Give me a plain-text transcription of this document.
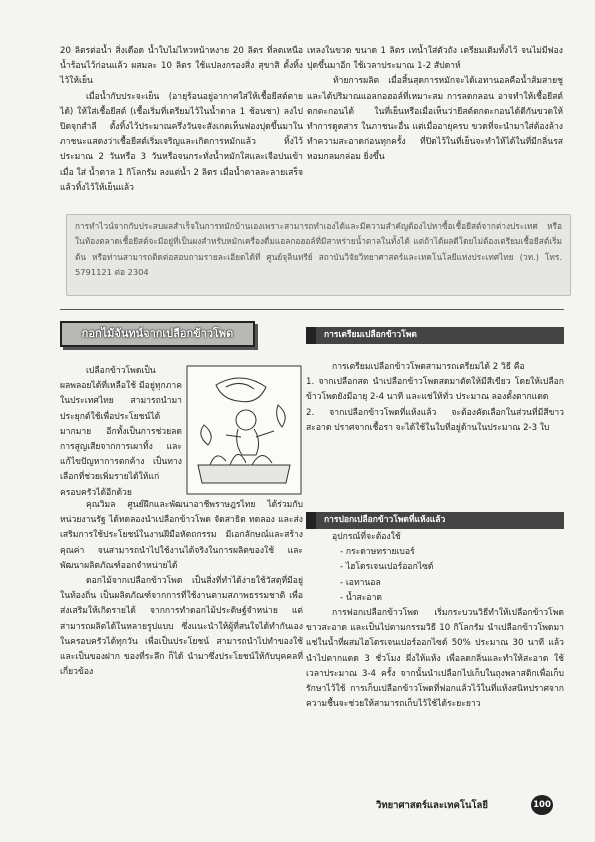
20 ลิตรต่อน้ำ สิ่งเดือด น้ำใบไม่ไหวหน้าหงาย 20 ลิตร ที่ลดเหนือน้ำร้อนไว้ก่อนแล้ว ผสมละ 10 ลิตร ใช้แปลงกรองสิ่ง สุขาสิ ตั้งทิ้งไว้ให้เย็น

เมื่อน้ำกับประจะเย็น (อายุร้อนอยู่อากาศใส่ให้เชื้อยีสต์ตายได้) ให้ใส่เชื้อยีสต์ (เชื้อเริ่มที่เตรียมไว้ในน้ำตาล 1 ช้อนชา) ลงไป ปิดจุกสำลี ตั้งทิ้งไว้ประมาณครึ่งวันจะสังเกตเห็นฟองปุดขึ้นมาในภาชนะแสดงว่าเชื้อยีสต์เริ่มเจริญและเกิดการหมักแล้ว ทิ้งไว้ประมาณ 2 วันหรือ 3 วันหรือจนกระทั่งน้ำหมักใสและเจือปนเข้าเมื่อ ใส่ น้ำตาล 1 กิโลกรัม ลงแต่น้ำ 2 ลิตร เมื่อน้ำตาลละลายเสร็จแล้วทิ้งไว้ให้เย็นแล้ว

เทลงในขวด ขนาด 1 ลิตร เทน้ำใส่ตัวถัง เตรียมเติมทั้งไว้ จนไม่มีฟองปุดขึ้นมาอีก ใช้เวลาประมาณ 1-2 สัปดาห์

ท้ายการผลิต เมื่อสิ้นสุดการหมักจะได้เอทานอลคือน้ำส้มสายชูและได้ปริมาณแอลกอฮอล์ที่เหมาะสม การลดกลอน อาจทำให้เชื้อยีสต์ตกตะกอนได้ ในที่เย็นหรือเมื่อเห็นว่ายีสต์ตกตะกอนได้ดีกันขวดให้ทำการดูดสาร ในภาชนะอื่น แต่เมื่ออายุครบ ขวดที่จะนำมาใส่ต้องล้างทำความสะอาดก่อนทุกครั้ง ที่ปิดไว้ในที่เย็นจะทำให้ได้ในที่มีกลิ่นรสหอมกลมกล่อม ยิ่งขึ้น

การทำไวน์จากกับประสบผลสำเร็จในการหมักบ้านเองเพราะสามารถทำเองได้และมีความสำคัญต้องไปหาซื้อเชื้อยีสต์จากต่างประเทศ หรือในท้องตลาดเชื้อยีสต์จะมีอยู่ที่เป็นผงสำหรับหมักเครื่องดื่มแอลกอฮอล์ที่มีสาหร่ายน้ำตาลในทั้งได้ แต่ถ้าได้ผลดีโดยไม่ต้องเตรียมเชื้อยีสต์เริ่มต้น หรือท่านสามารถติดต่อสอบถามรายละเอียดได้ที่ ศูนย์จุลินทรีย์ สถาบันวิจัยวิทยาศาสตร์และเทคโนโลยีแห่งประเทศไทย (วท.) โทร. 5791121 ต่อ 2304

กอกไม้จันทน์จากเปลือกข้าวโพด	การเตรียมเปลือกข้าวโพด

เปลือกข้าวโพดเป็นผลพลอยได้ที่เหลือใช้ มีอยู่ทุกภาคในประเทศไทย สามารถนำมาประยุกต์ใช้เพื่อประโยชน์ได้มากมาย อีกทั้งเป็นการช่วยลดการสูญเสียจากการเผาทิ้ง และแก้ไขปัญหาการตกค้าง เป็นทางเลือกที่ช่วยเพิ่มรายได้ให้แก่ครอบครัวได้อีกด้วย

คุณวิมล ศูนย์ฝึกและพัฒนาอาชีพราษฎรไทย ได้ร่วมกับหน่วยงานรัฐ ได้ทดลองนำเปลือกข้าวโพด จัดสาธิต ทดลอง และส่งเสริมการใช้ประโยชน์ในงานฝีมือหัตถกรรม มีเอกลักษณ์และสร้างคุณค่า จนสามารถนำไปใช้งานได้จริงในการผลิตของใช้ และพัฒนาผลิตภัณฑ์ออกจำหน่ายได้

ดอกไม้จากเปลือกข้าวโพด เป็นสิ่งที่ทำได้ง่ายใช้วัสดุที่มีอยู่ในท้องถิ่น เป็นผลิตภัณฑ์จากการที่ใช้งานตามสภาพธรรมชาติ เพื่อส่งเสริมให้เกิดรายได้ จากการทำดอกไม้ประดิษฐ์จำหน่าย แต่สามารถผลิตได้ในหลายรูปแบบ ซึ่งแนะนำให้ผู้ที่สนใจได้ทำกันเองในครอบครัวได้ทุกวัน เพื่อเป็นประโยชน์ สามารถนำไปทำของใช้และเป็นของฝาก ของที่ระลึก ก็ได้ นำมาซึ่งประโยชน์ให้กับบุคคลที่เกี่ยวข้อง

การเตรียมเปลือกข้าวโพดสามารถเตรียมได้ 2 วิธี คือ

1. จากเปลือกสด นำเปลือกข้าวโพดสดมาตัดให้มีสีเขียว โดยให้เปลือกข้าวโพดยังมีอายุ 2-4 นาที และแช่ให้ทั่ว ประมาณ ลองตั้งตากแดด

2. จากเปลือกข้าวโพดที่แห้งแล้ว จะต้องคัดเลือกในส่วนที่มีสีขาวสะอาด ปราศจากเชื้อรา จะได้ใช้ในใบที่อยู่ด้านในประมาณ 2-3 ใบ

การปอกเปลือกข้าวโพดที่แห้งแล้ว

อุปกรณ์ที่จะต้องใช้

- กระดาษทรายเบอร์
- ไฮโดรเจนเปอร์ออกไซด์
- เอทานอล
- น้ำสะอาด

การฟอกเปลือกข้าวโพด เริ่มกระบวนวิธีทำให้เปลือกข้าวโพดขาวสะอาด และเป็นไปตามกรรมวิธี 10 กิโลกรัม นำเปลือกข้าวโพดมาแช่ในน้ำที่ผสมไฮโดรเจนเปอร์ออกไซด์ 50% ประมาณ 30 นาที แล้วนำไปตากแดด 3 ชั่วโมง ผึ่งให้แห้ง เพื่อลดกลิ่นและทำให้สะอาด ใช้เวลาประมาณ 3-4 ครั้ง จากนั้นนำเปลือกไปเก็บในถุงพลาสติกเพื่อเก็บรักษาไว้ใช้ การเก็บเปลือกข้าวโพดที่ฟอกแล้วไว้ในที่แห้งสนิทปราศจากความชื้นจะช่วยให้สามารถเก็บไว้ใช้ได้ระยะยาว

วิทยาศาสตร์และเทคโนโลยี	100
